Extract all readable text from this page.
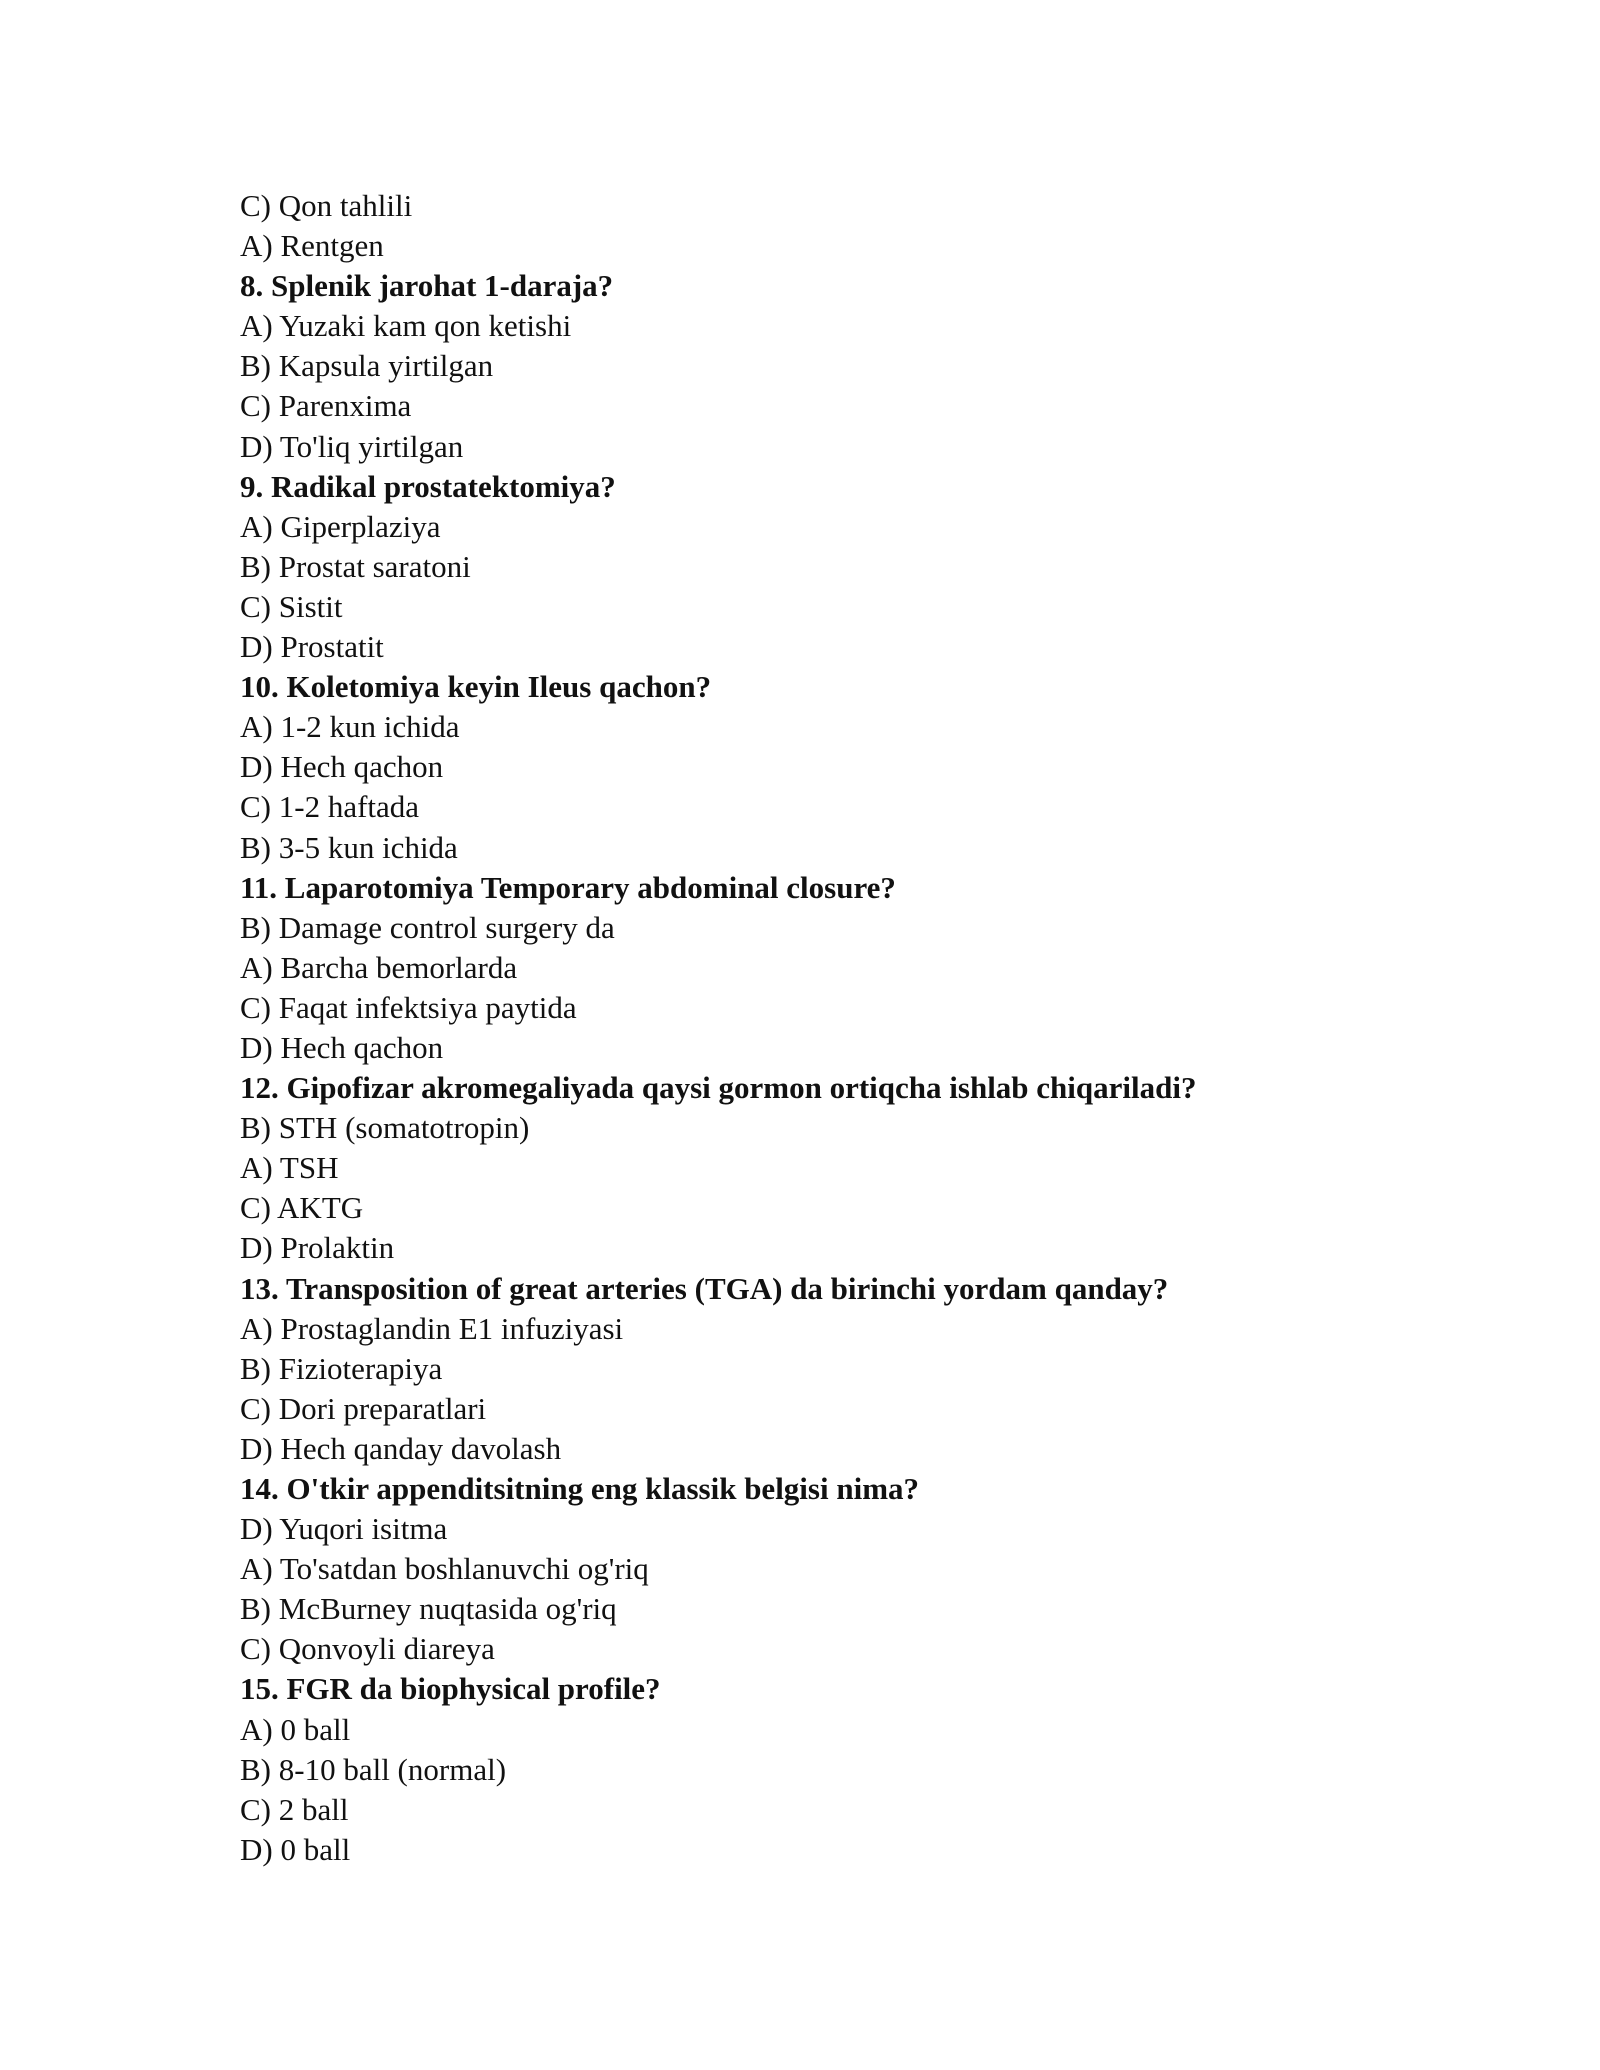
C) Qon tahlili
A) Rentgen
8. Splenik jarohat 1-daraja?
A) Yuzaki kam qon ketishi
B) Kapsula yirtilgan
C) Parenxima
D) To'liq yirtilgan
9. Radikal prostatektomiya?
A) Giperplaziya
B) Prostat saratoni
C) Sistit
D) Prostatit
10. Koletomiya keyin Ileus qachon?
A) 1-2 kun ichida
D) Hech qachon
C) 1-2 haftada
B) 3-5 kun ichida
11. Laparotomiya Temporary abdominal closure?
B) Damage control surgery da
A) Barcha bemorlarda
C) Faqat infektsiya paytida
D) Hech qachon
12. Gipofizar akromegaliyada qaysi gormon ortiqcha ishlab chiqariladi?
B) STH (somatotropin)
A) TSH
C) AKTG
D) Prolaktin
13. Transposition of great arteries (TGA) da birinchi yordam qanday?
A) Prostaglandin E1 infuziyasi
B) Fizioterapiya
C) Dori preparatlari
D) Hech qanday davolash
14. O'tkir appenditsitning eng klassik belgisi nima?
D) Yuqori isitma
A) To'satdan boshlanuvchi og'riq
B) McBurney nuqtasida og'riq
C) Qonvoyli diareya
15. FGR da biophysical profile?
A) 0 ball
B) 8-10 ball (normal)
C) 2 ball
D) 0 ball
